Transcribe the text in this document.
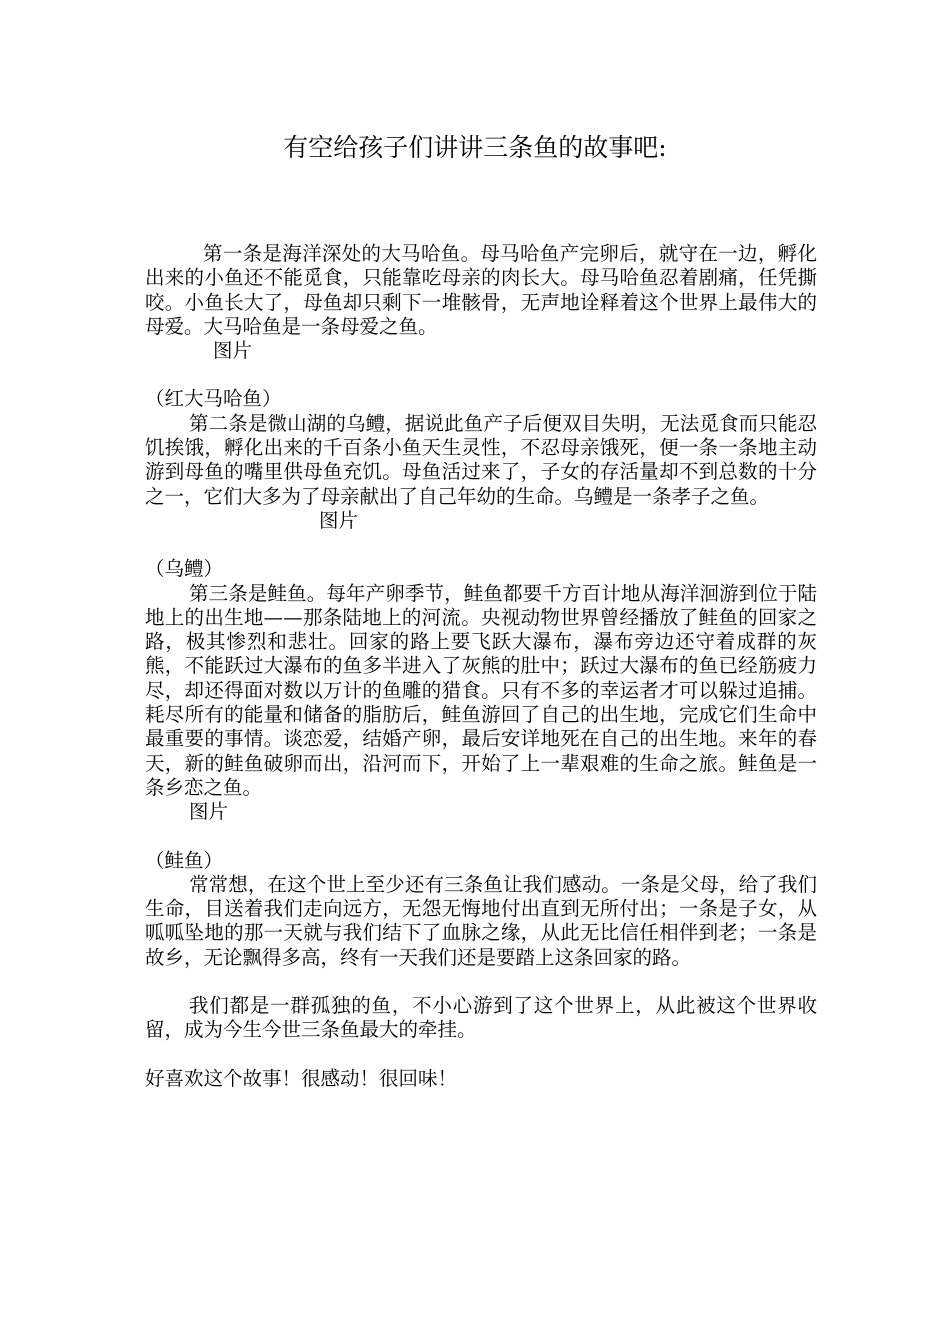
有空给孩子们讲讲三条鱼的故事吧:

第一条是海洋深处的大马哈鱼。母马哈鱼产完卵后，就守在一边，孵化出来的小鱼还不能觅食，只能靠吃母亲的肉长大。母马哈鱼忍着剧痛，任凭撕咬。小鱼长大了，母鱼却只剩下一堆骸骨，无声地诠释着这个世界上最伟大的母爱。大马哈鱼是一条母爱之鱼。

图片

（红大马哈鱼）

第二条是微山湖的乌鳢，据说此鱼产子后便双目失明，无法觅食而只能忍饥挨饿，孵化出来的千百条小鱼天生灵性，不忍母亲饿死，便一条一条地主动游到母鱼的嘴里供母鱼充饥。母鱼活过来了，子女的存活量却不到总数的十分之一，它们大多为了母亲献出了自己年幼的生命。乌鳢是一条孝子之鱼。

图片

（乌鳢）

第三条是鲑鱼。每年产卵季节，鲑鱼都要千方百计地从海洋洄游到位于陆地上的出生地——那条陆地上的河流。央视动物世界曾经播放了鲑鱼的回家之路，极其惨烈和悲壮。回家的路上要飞跃大瀑布，瀑布旁边还守着成群的灰熊，不能跃过大瀑布的鱼多半进入了灰熊的肚中；跃过大瀑布的鱼已经筋疲力尽，却还得面对数以万计的鱼雕的猎食。只有不多的幸运者才可以躲过追捕。耗尽所有的能量和储备的脂肪后，鲑鱼游回了自己的出生地，完成它们生命中最重要的事情。谈恋爱，结婚产卵，最后安详地死在自己的出生地。来年的春天，新的鲑鱼破卵而出，沿河而下，开始了上一辈艰难的生命之旅。鲑鱼是一条乡恋之鱼。

图片

（鲑鱼）

常常想，在这个世上至少还有三条鱼让我们感动。一条是父母，给了我们生命，目送着我们走向远方，无怨无悔地付出直到无所付出；一条是子女，从呱呱坠地的那一天就与我们结下了血脉之缘，从此无比信任相伴到老；一条是故乡，无论飘得多高，终有一天我们还是要踏上这条回家的路。

我们都是一群孤独的鱼，不小心游到了这个世界上，从此被这个世界收留，成为今生今世三条鱼最大的牵挂。

好喜欢这个故事！很感动！很回味！
